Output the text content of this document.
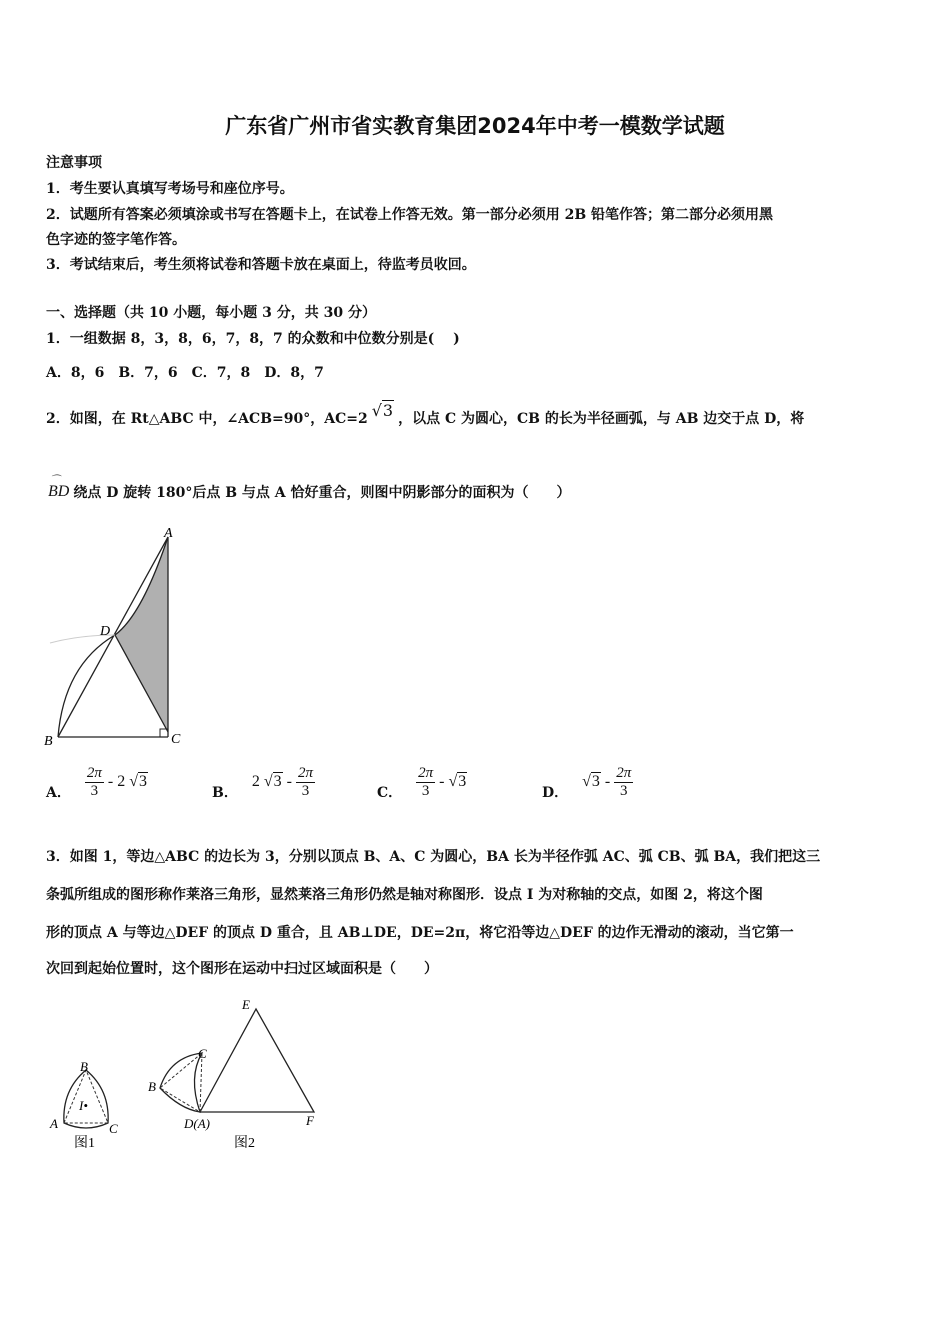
广东省广州市省实教育集团2024年中考一模数学试题
注意事项
1．考生要认真填写考场号和座位序号。
2．试题所有答案必须填涂或书写在答题卡上，在试卷上作答无效。第一部分必须用 2B 铅笔作答；第二部分必须用黑
色字迹的签字笔作答。
3．考试结束后，考生须将试卷和答题卡放在桌面上，待监考员收回。
一、选择题（共 10 小题，每小题 3 分，共 30 分）
1．一组数据 8，3，8，6，7，8，7 的众数和中位数分别是(　 )
A．8，6　B．7，6　C．7，8　D．8，7
2．如图，在 Rt△ABC 中，∠ACB=90°，AC=2 √3 ，以点 C 为圆心，CB 的长为半径画弧，与 AB 边交于点 D，将
⌒
BD 绕点 D 旋转 180°后点 B 与点 A 恰好重合，则图中阴影部分的面积为（　　）
A
D
B	C
A． $\frac{2\pi}{3} - 2$ √3
B．
2 $√3 - \frac{2\pi}{3}$	C． $\frac{2\pi}{3} - √3$
D．
$√3 - \frac{2\pi}{3}$
3．如图 1，等边△ABC 的边长为 3，分别以顶点 B、A、C 为圆心，BA 长为半径作弧 AC、弧 CB、弧 BA，我们把这三
条弧所组成的图形称作莱洛三角形，显然莱洛三角形仍然是轴对称图形．设点 I 为对称轴的交点，如图 2，将这个图
形的顶点 A 与等边△DEF 的顶点 D 重合，且 AB⊥DE，DE=2π，将它沿等边△DEF 的边作无滑动的滚动，当它第一
次回到起始位置时，这个图形在运动中扫过区域面积是（　　）
B
I•
A	C
图1
E
C
B
D(A)	F
图2
